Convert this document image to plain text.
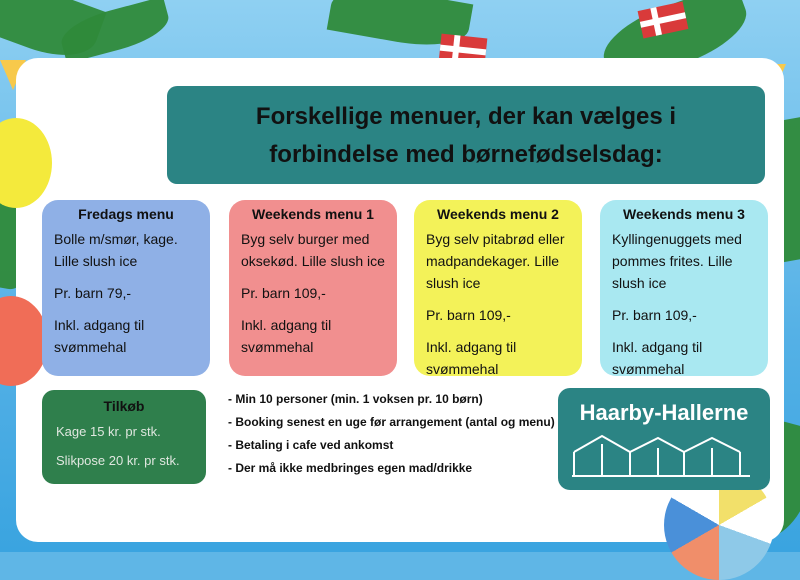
Forskellige menuer, der kan vælges i
forbindelse med børnefødselsdag:
Fredags menu

Bolle m/smør, kage. Lille slush ice

Pr. barn 79,-

Inkl. adgang til svømmehal

Weekends menu 1

Byg selv burger med oksekød. Lille slush ice

Pr. barn 109,-

Inkl. adgang til svømmehal

Weekends menu 2

Byg selv pitabrød eller madpandekager. Lille slush ice

Pr. barn 109,-

Inkl. adgang til svømmehal

Weekends menu 3

Kyllingenuggets med pommes frites. Lille slush ice

Pr. barn 109,-

Inkl. adgang til svømmehal

Tilkøb

Kage 15 kr. pr stk.

Slikpose 20 kr. pr stk.

- Min 10 personer (min. 1 voksen pr. 10 børn)
- Booking senest en uge før arrangement (antal og menu)
- Betaling i cafe ved ankomst
- Der må ikke medbringes egen mad/drikke
Haarby-Hallerne
